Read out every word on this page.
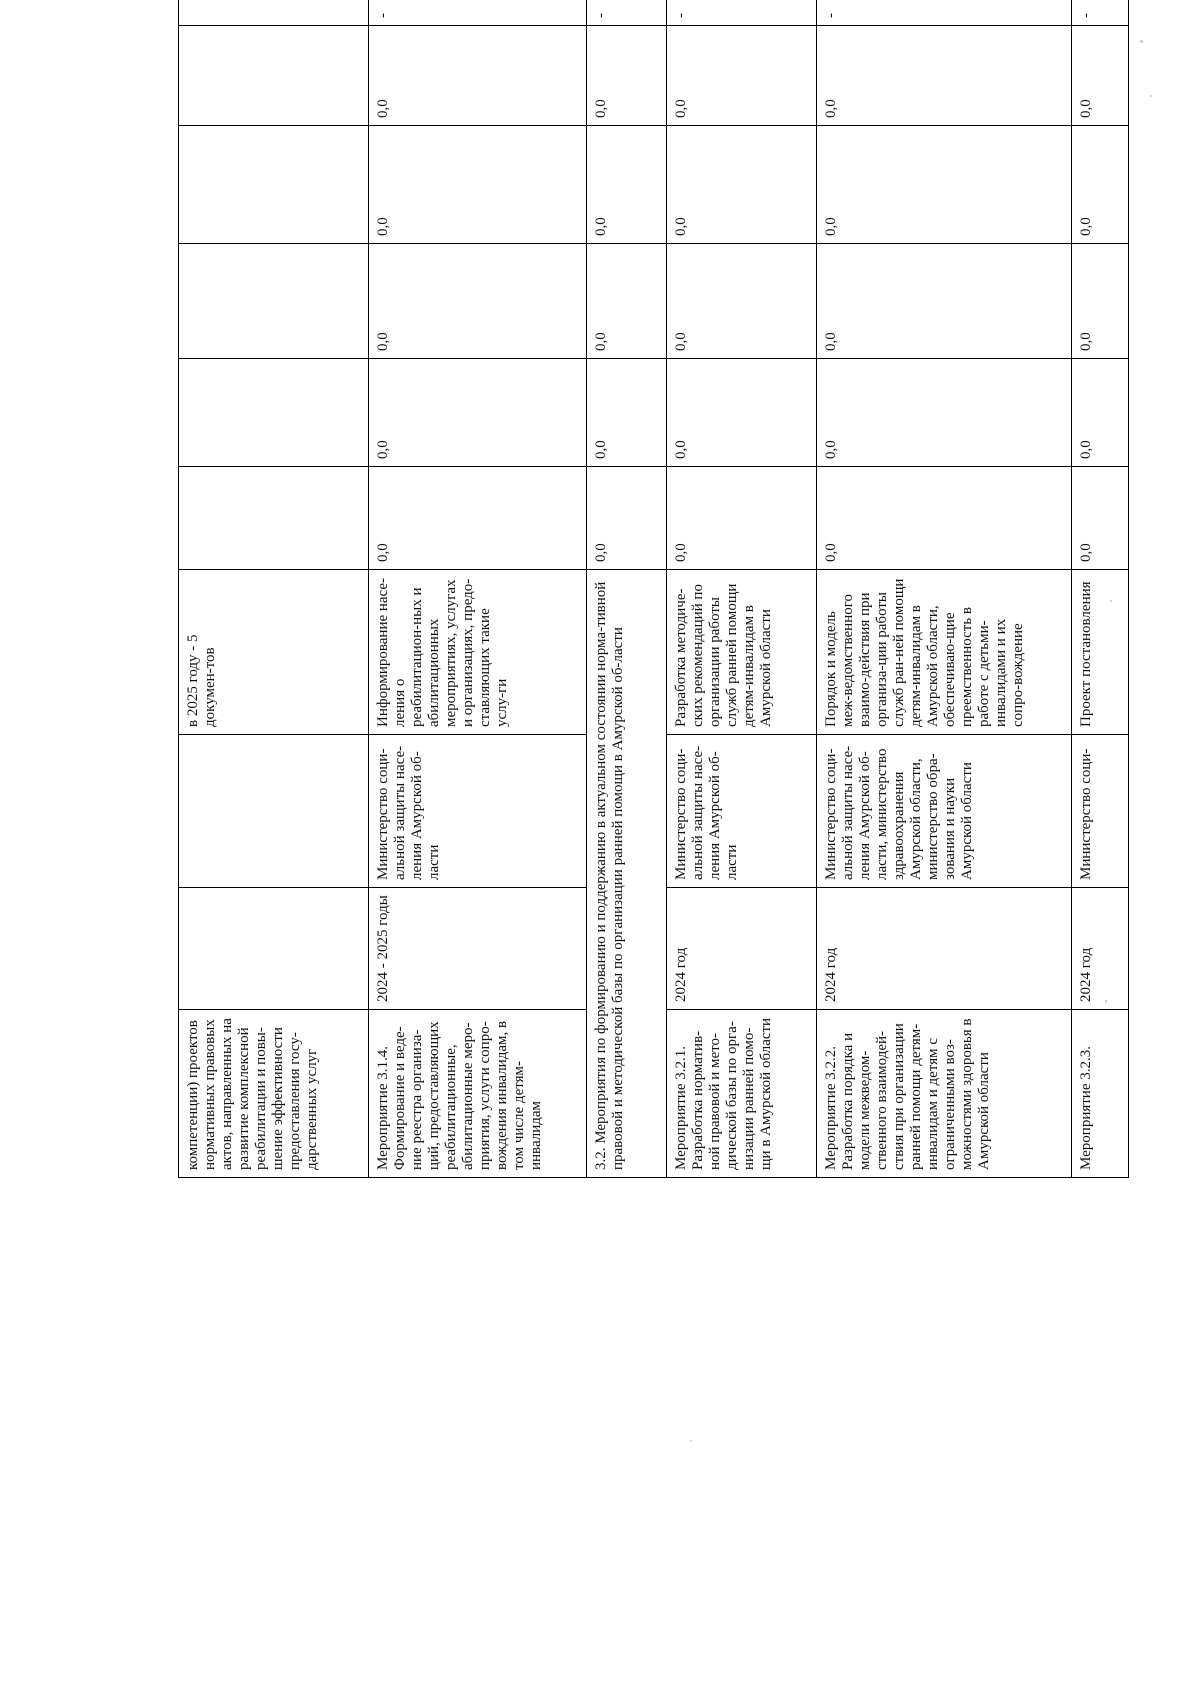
компетенции) проектов нормативных правовых актов, направленных на развитие комплексной реабилитации и повы-шение эффективности предоставления госу-дарственных услуг			в 2025 году - 5 докумен-тов						
Мероприятие 3.1.4. Формирование и веде-ние реестра организа-ций, предоставляющих реабилитационные, абилитационные меро-приятия, услуги сопро-вождения инвалидам, в том числе детям-инвалидам	2024 - 2025 годы	Министерство соци-альной защиты насе-ления Амурской об-ласти	Информирование насе-ления о реабилитацион-ных и абилитационных мероприятиях, услугах и организациях, предо-ставляющих такие услу-ги	0,0	0,0	0,0	0,0	0,0	-
3.2. Мероприятия по формированию и поддержанию в актуальном состоянии норма-тивной правовой и методической базы по организации ранней помощи в Амурской об-ласти				0,0	0,0	0,0	0,0	0,0	-
Мероприятие 3.2.1. Разработка норматив-ной правовой и мето-дической базы по орга-низации ранней помо-щи в Амурской области	2024 год	Министерство соци-альной защиты насе-ления Амурской об-ласти	Разработка методиче-ских рекомендаций по организации работы служб ранней помощи детям-инвалидам в Амурской области	0,0	0,0	0,0	0,0	0,0	-
Мероприятие 3.2.2. Разработка порядка и модели межведом-ственного взаимодей-ствия при организации ранней помощи детям-инвалидам и детям с ограниченными воз-можностями здоровья в Амурской области	2024 год	Министерство соци-альной защиты насе-ления Амурской об-ласти, министерство здравоохранения Амурской области, министерство обра-зования и науки Амурской области	Порядок и модель меж-ведомственного взаимо-действия при организа-ции работы служб ран-ней помощи детям-инвалидам в Амурской области, обеспечиваю-щие преемственность в работе с детьми-инвалидами и их сопро-вождение	0,0	0,0	0,0	0,0	0,0	-
Мероприятие 3.2.3.	2024 год	Министерство соци-	Проект постановления	0,0	0,0	0,0	0,0	0,0	-
